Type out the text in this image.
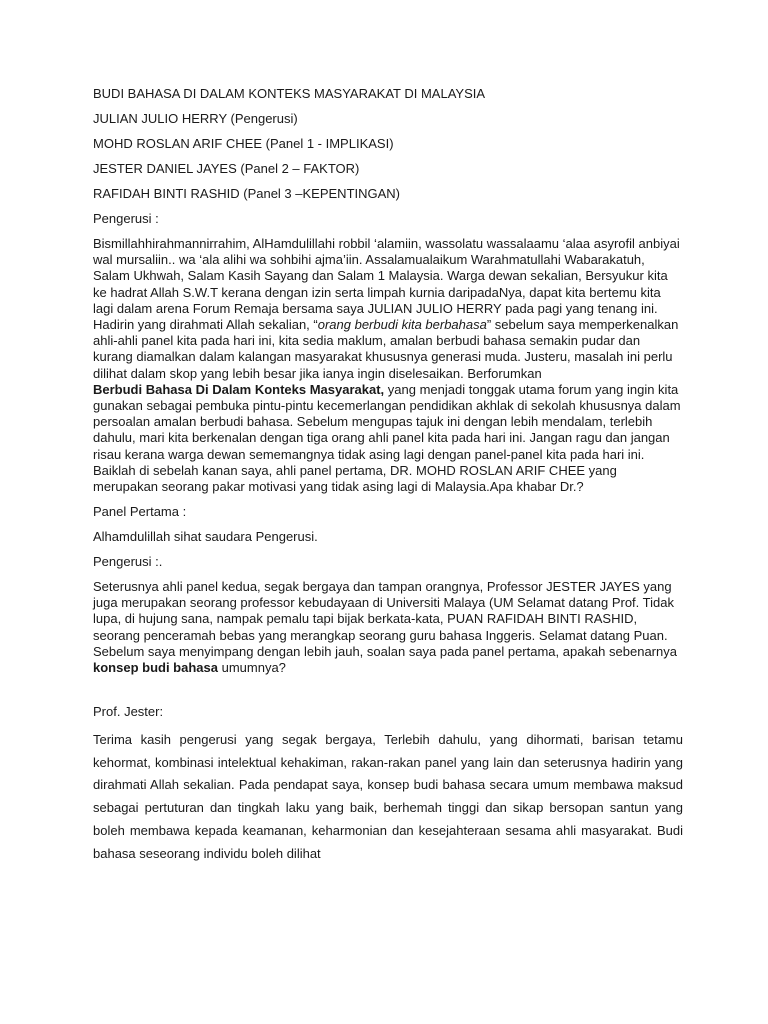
BUDI BAHASA DI DALAM KONTEKS MASYARAKAT DI MALAYSIA

JULIAN JULIO HERRY (Pengerusi)

MOHD ROSLAN ARIF CHEE (Panel 1 - IMPLIKASI)

JESTER DANIEL JAYES (Panel 2 – FAKTOR)

RAFIDAH BINTI RASHID (Panel 3 –KEPENTINGAN)

Pengerusi :

Bismillahhirahmannirrahim, AlHamdulillahi robbil ‘alamiin, wassolatu wassalaamu ‘alaa asyrofil anbiyai wal mursaliin.. wa ‘ala alihi wa sohbihi ajma’iin. Assalamualaikum Warahmatullahi Wabarakatuh, Salam Ukhwah, Salam Kasih Sayang dan Salam 1 Malaysia. Warga dewan sekalian, Bersyukur kita ke hadrat Allah S.W.T kerana dengan izin serta limpah kurnia daripadaNya, dapat kita bertemu kita lagi dalam arena Forum Remaja bersama saya JULIAN JULIO HERRY pada pagi yang tenang ini. Hadirin yang dirahmati Allah sekalian, “orang berbudi kita berbahasa” sebelum saya memperkenalkan ahli-ahli panel kita pada hari ini, kita sedia maklum, amalan berbudi bahasa semakin pudar dan kurang diamalkan dalam kalangan masyarakat khususnya generasi muda. Justeru, masalah ini perlu dilihat dalam skop yang lebih besar jika ianya ingin diselesaikan. Berforumkan
Berbudi Bahasa Di Dalam Konteks Masyarakat, yang menjadi tonggak utama forum yang ingin kita gunakan sebagai pembuka pintu-pintu kecemerlangan pendidikan akhlak di sekolah khususnya dalam persoalan amalan berbudi bahasa. Sebelum mengupas tajuk ini dengan lebih mendalam, terlebih dahulu, mari kita berkenalan dengan tiga orang ahli panel kita pada hari ini. Jangan ragu dan jangan risau kerana warga dewan sememangnya tidak asing lagi dengan panel-panel kita pada hari ini. Baiklah di sebelah kanan saya, ahli panel pertama, DR. MOHD ROSLAN ARIF CHEE yang merupakan seorang pakar motivasi yang tidak asing lagi di Malaysia.Apa khabar Dr.?

Panel Pertama :

Alhamdulillah sihat saudara Pengerusi.

Pengerusi :.

Seterusnya ahli panel kedua, segak bergaya dan tampan orangnya, Professor JESTER JAYES yang juga merupakan seorang professor kebudayaan di Universiti Malaya (UM Selamat datang Prof. Tidak lupa, di hujung sana, nampak pemalu tapi bijak berkata-kata, PUAN RAFIDAH BINTI RASHID, seorang penceramah bebas yang merangkap seorang guru bahasa Inggeris. Selamat datang Puan. Sebelum saya menyimpang dengan lebih jauh, soalan saya pada panel pertama, apakah sebenarnya konsep budi bahasa umumnya?

Prof. Jester:

Terima kasih pengerusi yang segak bergaya, Terlebih dahulu, yang dihormati, barisan tetamu kehormat, kombinasi intelektual kehakiman, rakan-rakan panel yang lain dan seterusnya hadirin yang dirahmati Allah sekalian. Pada pendapat saya, konsep budi bahasa secara umum membawa maksud sebagai pertuturan dan tingkah laku yang baik, berhemah tinggi dan sikap bersopan santun yang boleh membawa kepada keamanan, keharmonian dan kesejahteraan sesama ahli masyarakat. Budi bahasa seseorang individu boleh dilihat
